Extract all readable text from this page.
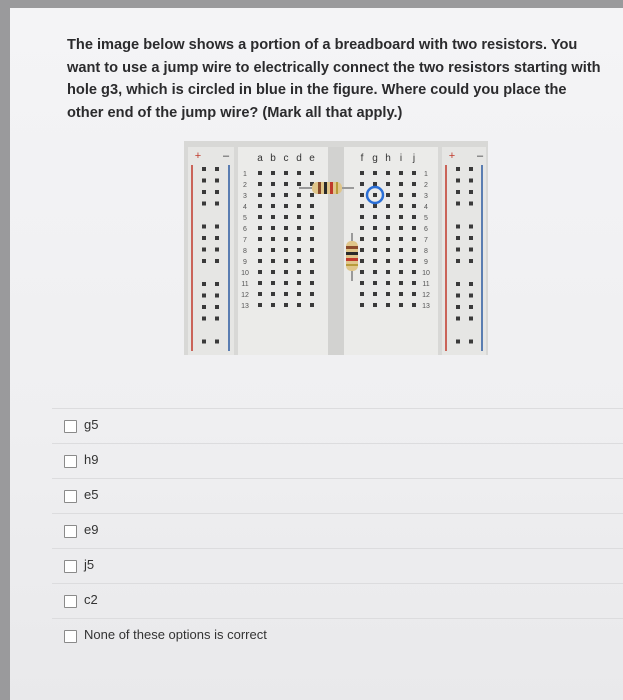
The image below shows a portion of a breadboard with two resistors. You want to use a jump wire to electrically connect the two resistors starting with hole g3, which is circled in blue in the figure. Where could you place the other end of the jump wire? (Mark all that apply.)

+ –	+ –
a b c d e	f g h i j
1	1
2	2
3	3
4	4
5	5
6	6
7	7
8	8
9	9
10	10
11	11
12	12
13	13
g5
h9
e5
e9
j5
c2
None of these options is correct
